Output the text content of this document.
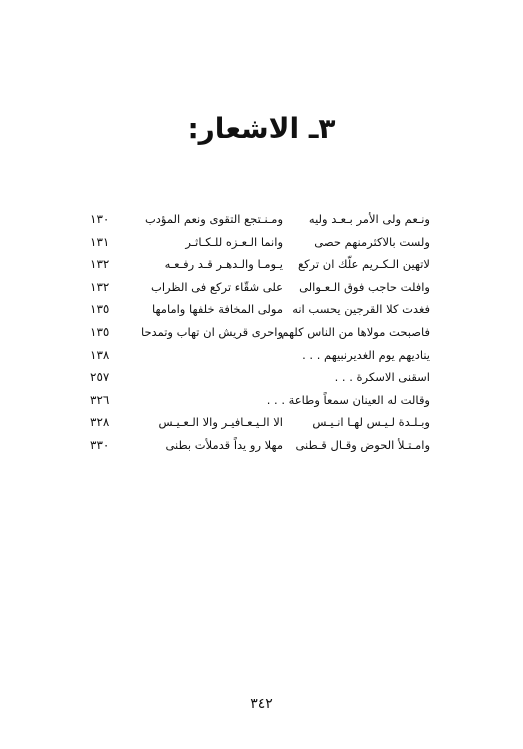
٣ـ الاشعار:
ونـعم ولى الأمر بـعـد وليه
ومـنـتجع التقوى ونعم المؤدب
١٣٠
ولست بالاكثرمنهم حصى
وانما الـعـزه للـكـاثـر
١٣١
لاتهين الـكـريم علّك ان تركع
يـومـا والـدهـر قـد رفـعـه
١٣٢
وافلت حاجب فوق الـعـوالى
على شقّاء تركع فى الظراب
١٣٢
فغدت كلا القرجين يحسب انه
مولى المخافة خلفها وامامها
١٣٥
فاصبحت مولاها من الناس كلهم
واحرى قريش ان تهاب وتمدحا
١٣٥
يناديهم يوم الغديرنبيهم . . .
١٣٨
اسقنى الاسكرة . . .
٢٥٧
وقالت له العينان سمعاً وطاعة . . .
٣٢٦
وبـلـدة لـيـس لهـا انـيـس
الا الـيـعـافيـر والا الـعـيـس
٣٢٨
وامـتـلأ الحوض وقـال قـطنى
مهلا رو يداً قدملأت بطنى
٣٣٠
٣٤٢
